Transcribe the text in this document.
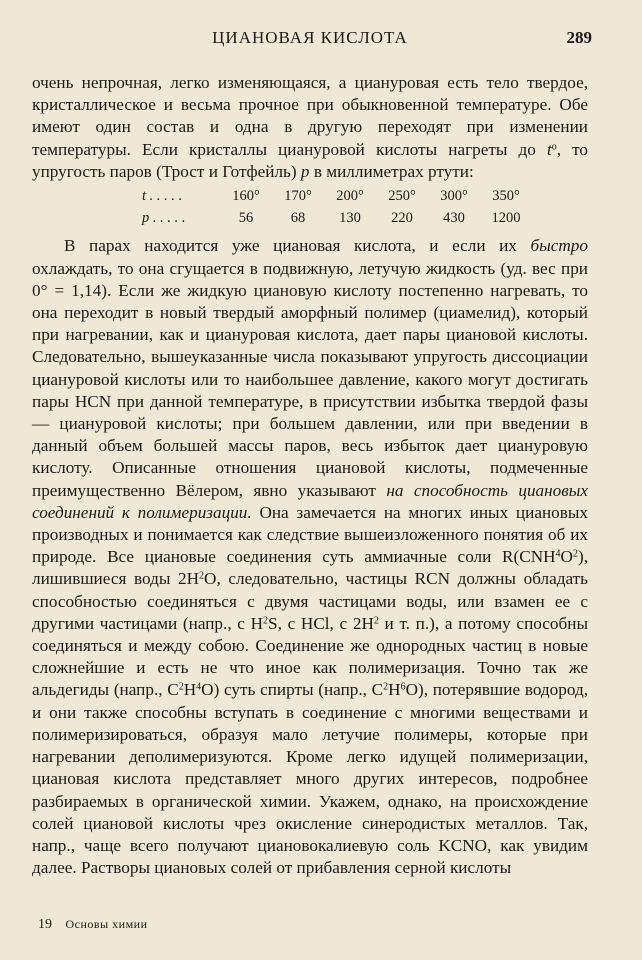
ЦИАНОВАЯ КИСЛОТА	289

очень непрочная, легко изменяющаяся, а циануровая есть тело твердое, кристаллическое и весьма прочное при обыкновенной температуре. Обе имеют один состав и одна в другую переходят при изменении температуры. Если кристаллы циануровой кислоты нагреты до $t^o$, то упругость паров (Трост и Готфейль) p в миллиметрах ртути:

t . . . . .	160°	170°	200°	250°	300°	350°
p . . . . .	56	68	130	220	430	1200

В парах находится уже циановая кислота, и если их быстро охлаждать, то она сгущается в подвижную, летучую жидкость (уд. вес при 0° = 1,14). Если же жидкую циановую кислоту постепенно нагревать, то она переходит в новый твердый аморфный полимер (циамелид), который при нагревании, как и циануровая кислота, дает пары циановой кислоты. Следовательно, вышеуказанные числа показывают упругость диссоциации циануровой кислоты или то наибольшее давление, какого могут достигать пары HCN при данной температуре, в присутствии избытка твердой фазы — циануровой кислоты; при большем давлении, или при введении в данный объем большей массы паров, весь избыток дает циануровую кислоту. Описанные отношения циановой кислоты, подмеченные преимущественно Вёлером, явно указывают на способность циановых соединений к полимеризации. Она замечается на многих иных циановых производных и понимается как следствие вышеизложенного понятия об их природе. Все циановые соединения суть аммиачные соли $R(CNH^4O^2)$, лишившиеся воды $2H^2O$, следовательно, частицы RCN должны обладать способностью соединяться с двумя частицами воды, или взамен ее с другими частицами (напр., с $H^2S$, с HCl, с $2H^2$ и т. п.), а потому способны соединяться и между собою. Соединение же однородных частиц в новые сложнейшие и есть не что иное как полимеризация. Точно так же альдегиды (напр., $C^2H^4O$) суть спирты (напр., $C^2H^6O$), потерявшие водород, и они также способны вступать в соединение с многими веществами и полимеризироваться, образуя мало летучие полимеры, которые при нагревании деполимеризуются. Кроме легко идущей полимеризации, циановая кислота представляет много других интересов, подробнее разбираемых в органической химии. Укажем, однако, на происхождение солей циановой кислоты чрез окисление синеродистых металлов. Так, напр., чаще всего получают циановокалиевую соль KCNO, как увидим далее. Растворы циановых солей от прибавления серной кислоты

19 Основы химии
